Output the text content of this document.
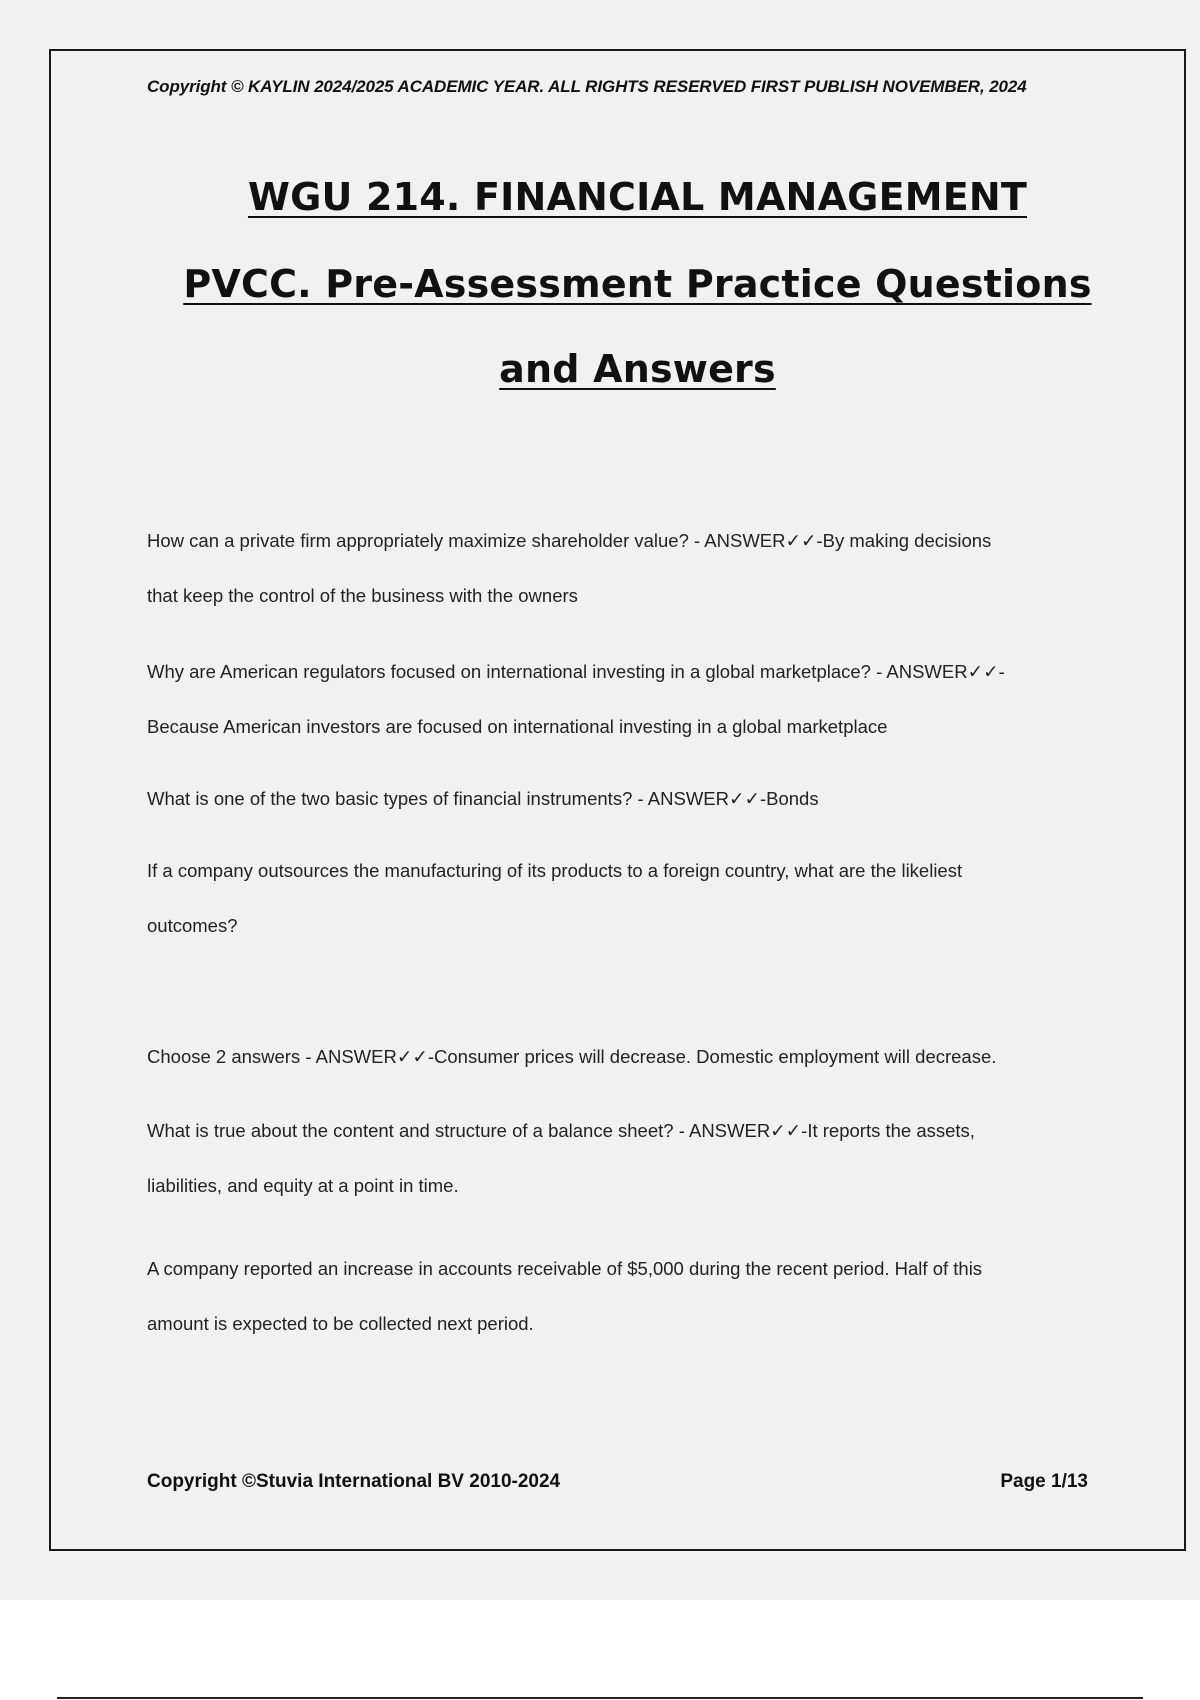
Copyright © KAYLIN 2024/2025 ACADEMIC YEAR. ALL RIGHTS RESERVED FIRST PUBLISH NOVEMBER, 2024
WGU 214. FINANCIAL MANAGEMENT
PVCC. Pre-Assessment Practice Questions
and Answers

How can a private firm appropriately maximize shareholder value? - ANSWER✓✓-By making decisions

that keep the control of the business with the owners

Why are American regulators focused on international investing in a global marketplace? - ANSWER✓✓-

Because American investors are focused on international investing in a global marketplace

What is one of the two basic types of financial instruments? - ANSWER✓✓-Bonds

If a company outsources the manufacturing of its products to a foreign country, what are the likeliest

outcomes?

Choose 2 answers - ANSWER✓✓-Consumer prices will decrease. Domestic employment will decrease.

What is true about the content and structure of a balance sheet? - ANSWER✓✓-It reports the assets,

liabilities, and equity at a point in time.

A company reported an increase in accounts receivable of $5,000 during the recent period. Half of this

amount is expected to be collected next period.

Copyright ©Stuvia International BV 2010-2024	Page 1/13
